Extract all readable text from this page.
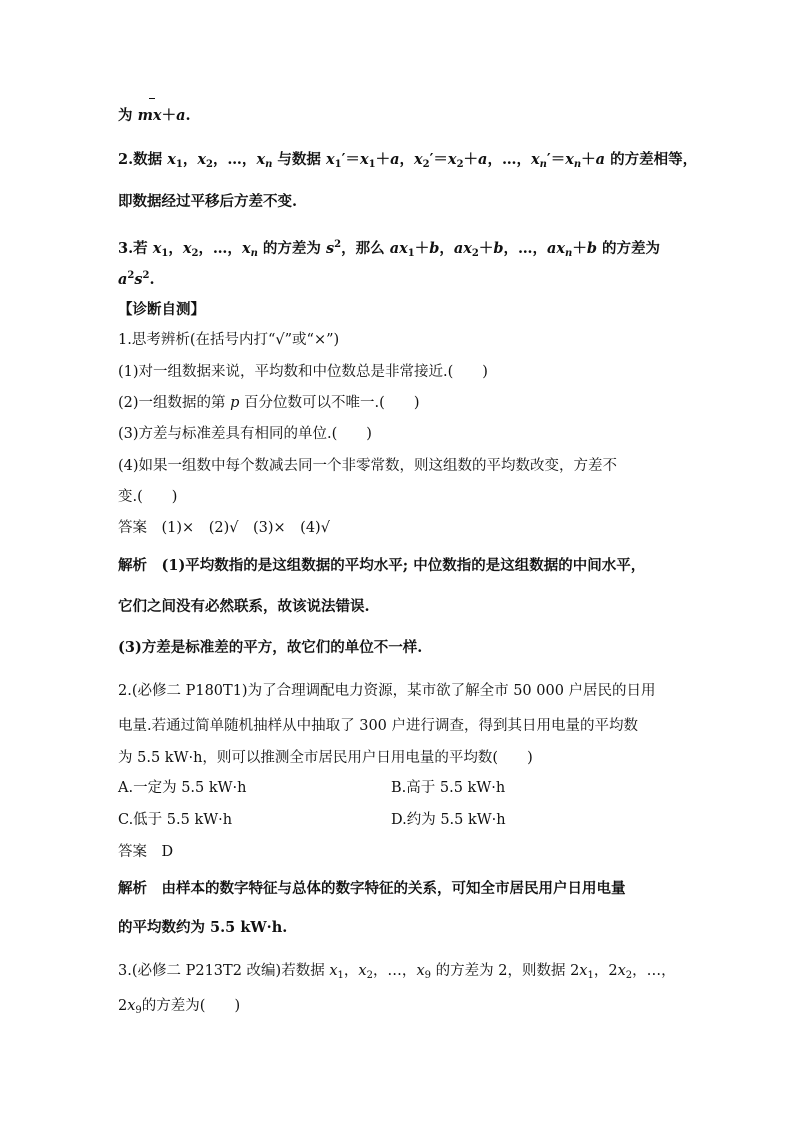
为 mx＋a.
2.数据 $x_1$，$x_2$，…，$x_n$ 与数据 $x_1'=x_1+a$，$x_2'=x_2+a$，…，$x_n'=x_n+a$ 的方差相等，
即数据经过平移后方差不变.
3.若 $x_1$，$x_2$，…，$x_n$ 的方差为 $s^2$，那么 $ax_1+b$，$ax_2+b$，…，$ax_n+b$ 的方差为
$a^2s^2$.
【诊断自测】
1.思考辨析(在括号内打“√”或“×”)
(1)对一组数据来说，平均数和中位数总是非常接近.(　　)
(2)一组数据的第 p 百分位数可以不唯一.(　　)
(3)方差与标准差具有相同的单位.(　　)
(4)如果一组数中每个数减去同一个非零常数，则这组数的平均数改变，方差不
变.(　　)
答案　(1)×　(2)√　(3)×　(4)√
解析　(1)平均数指的是这组数据的平均水平; 中位数指的是这组数据的中间水平，
它们之间没有必然联系，故该说法错误.
(3)方差是标准差的平方，故它们的单位不一样.
2.(必修二 P180T1)为了合理调配电力资源，某市欲了解全市 50 000 户居民的日用
电量.若通过简单随机抽样从中抽取了 300 户进行调查，得到其日用电量的平均数
为 5.5 kW·h，则可以推测全市居民用户日用电量的平均数(　　)
A.一定为 5.5 kW·h	B.高于 5.5 kW·h
C.低于 5.5 kW·h	D.约为 5.5 kW·h
答案　D
解析　由样本的数字特征与总体的数字特征的关系，可知全市居民用户日用电量
的平均数约为 5.5 kW·h.
3.(必修二 P213T2 改编)若数据 $x_1$，$x_2$，…，$x_9$ 的方差为 2，则数据 $2x_1$，$2x_2$，…，
$2x_9$的方差为(　　)
